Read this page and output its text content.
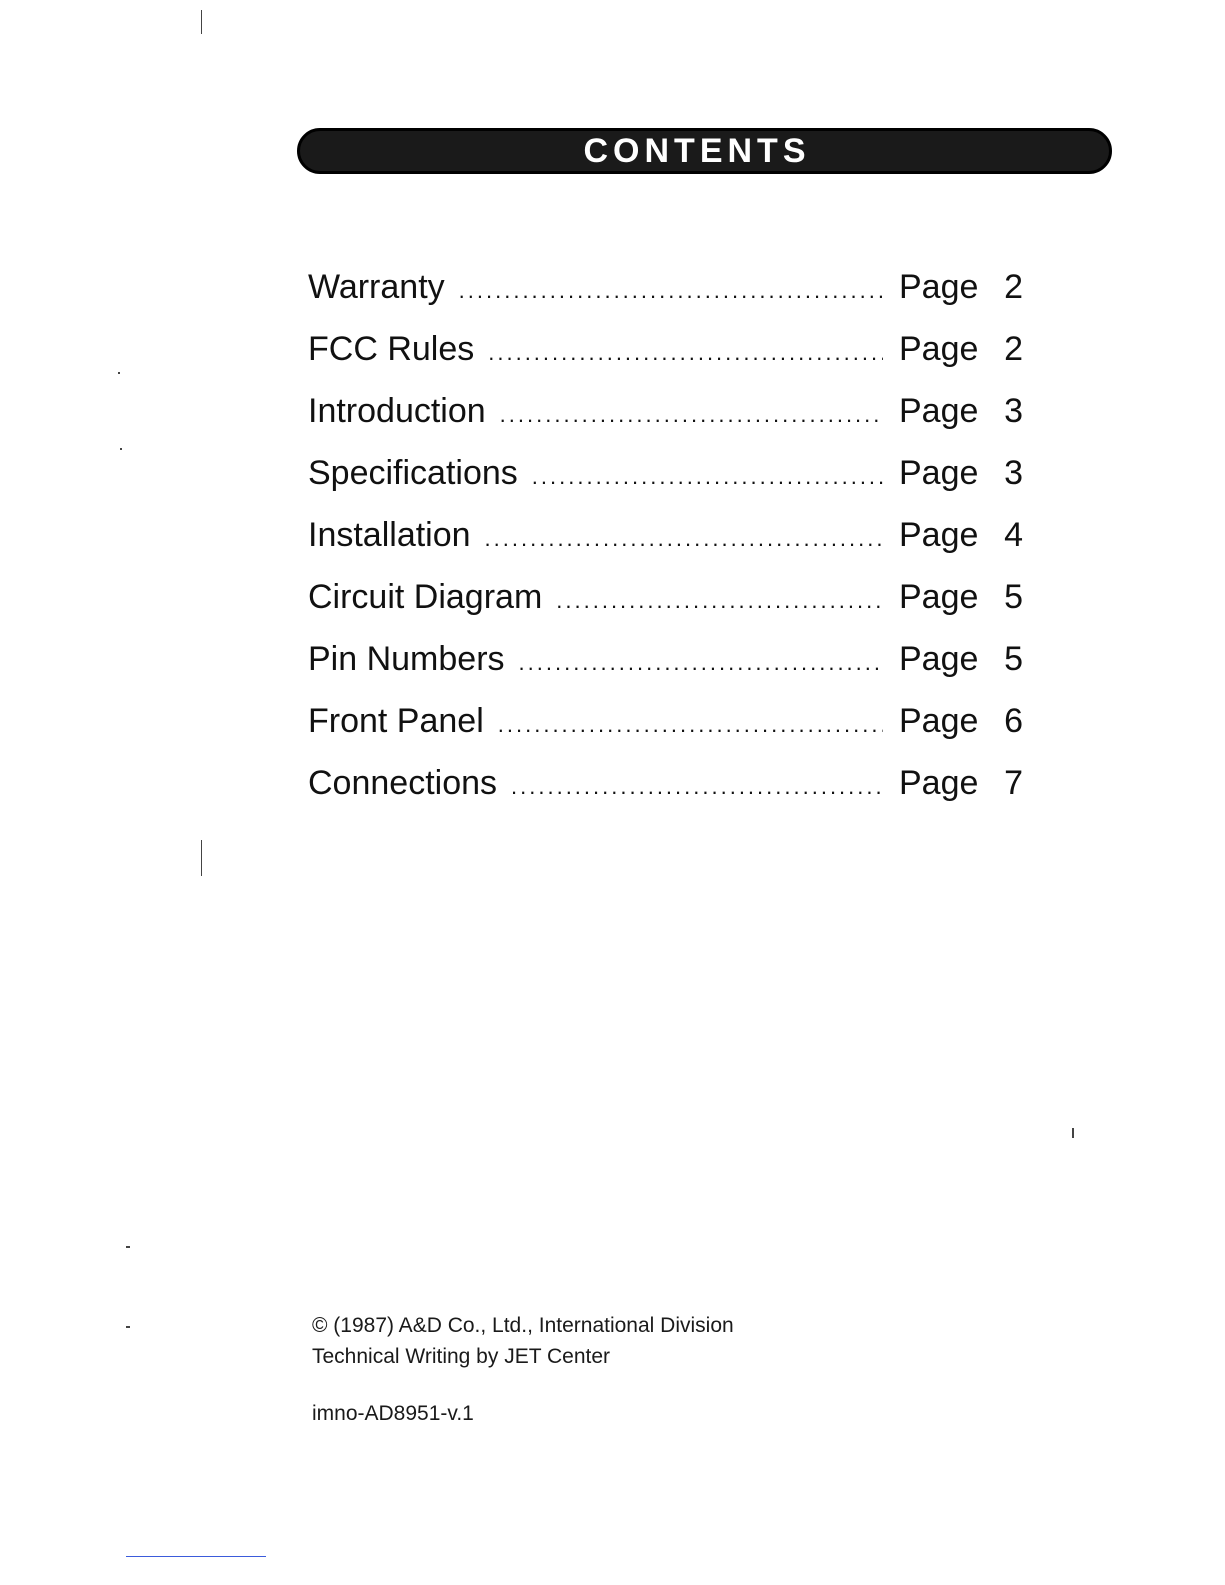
CONTENTS
Warranty .....	Page 2
FCC Rules .....	Page 2
Introduction .....	Page 3
Specifications .....	Page 3
Installation .....	Page 4
Circuit Diagram .....	Page 5
Pin Numbers .....	Page 5
Front Panel .....	Page 6
Connections .....	Page 7
© (1987) A&D Co., Ltd., International Division
Technical Writing by JET Center
imno-AD8951-v.1
